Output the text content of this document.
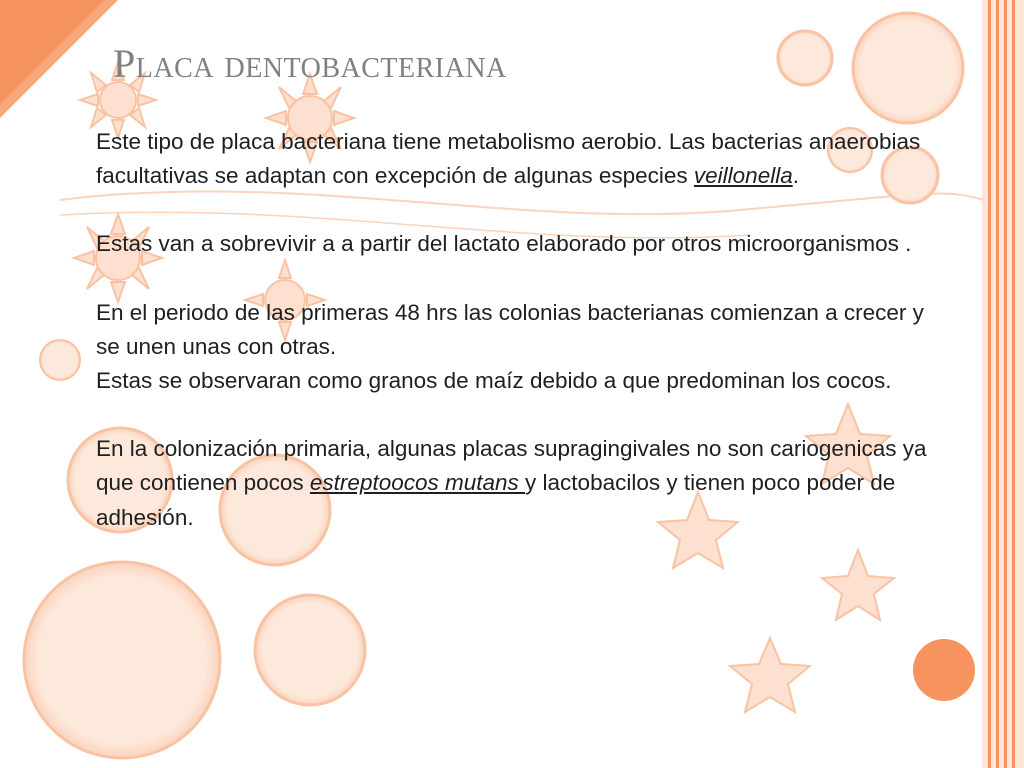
Placa dentobacteriana

Este tipo de placa bacteriana tiene metabolismo aerobio. Las bacterias anaerobias facultativas se adaptan con excepción de algunas especies veillonella.

Estas van a sobrevivir a a partir del lactato elaborado por otros microorganismos .

En el periodo de las primeras 48 hrs las colonias bacterianas comienzan a crecer y se unen unas con otras.

Estas se observaran como granos de maíz debido a que predominan los cocos.

En la colonización primaria, algunas placas supragingivales no son cariogenicas ya que contienen pocos estreptoocos mutans y lactobacilos y tienen poco poder de adhesión.
